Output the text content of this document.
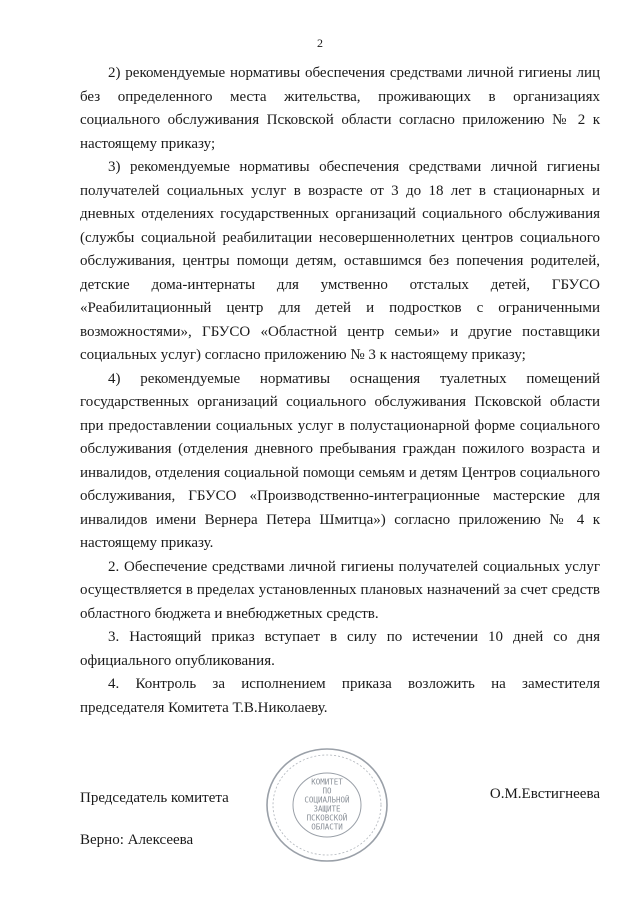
2

2) рекомендуемые нормативы обеспечения средствами личной гигиены лиц без определенного места жительства, проживающих в организациях социального обслуживания Псковской области согласно приложению № 2 к настоящему приказу;

3) рекомендуемые нормативы обеспечения средствами личной гигиены получателей социальных услуг в возрасте от 3 до 18 лет в стационарных и дневных отделениях государственных организаций социального обслуживания (службы социальной реабилитации несовершеннолетних центров социального обслуживания, центры помощи детям, оставшимся без попечения родителей, детские дома-интернаты для умственно отсталых детей, ГБУСО «Реабилитационный центр для детей и подростков с ограниченными возможностями», ГБУСО «Областной центр семьи» и другие поставщики социальных услуг) согласно приложению № 3 к настоящему приказу;

4) рекомендуемые нормативы оснащения туалетных помещений государственных организаций социального обслуживания Псковской области при предоставлении социальных услуг в полустационарной форме социального обслуживания (отделения дневного пребывания граждан пожилого возраста и инвалидов, отделения социальной помощи семьям и детям Центров социального обслуживания, ГБУСО «Производственно-интеграционные мастерские для инвалидов имени Вернера Петера Шмитца») согласно приложению № 4 к настоящему приказу.

2. Обеспечение средствами личной гигиены получателей социальных услуг осуществляется в пределах установленных плановых назначений за счет средств областного бюджета и внебюджетных средств.

3. Настоящий приказ вступает в силу по истечении 10 дней со дня официального опубликования.

4. Контроль за исполнением приказа возложить на заместителя председателя Комитета Т.В.Николаеву.

КОМИТЕТ
ПО
СОЦИАЛЬНОЙ
ЗАЩИТЕ
ПСКОВСКОЙ
ОБЛАСТИ
Председатель комитета	О.М.Евстигнеева
Верно: Алексеева
